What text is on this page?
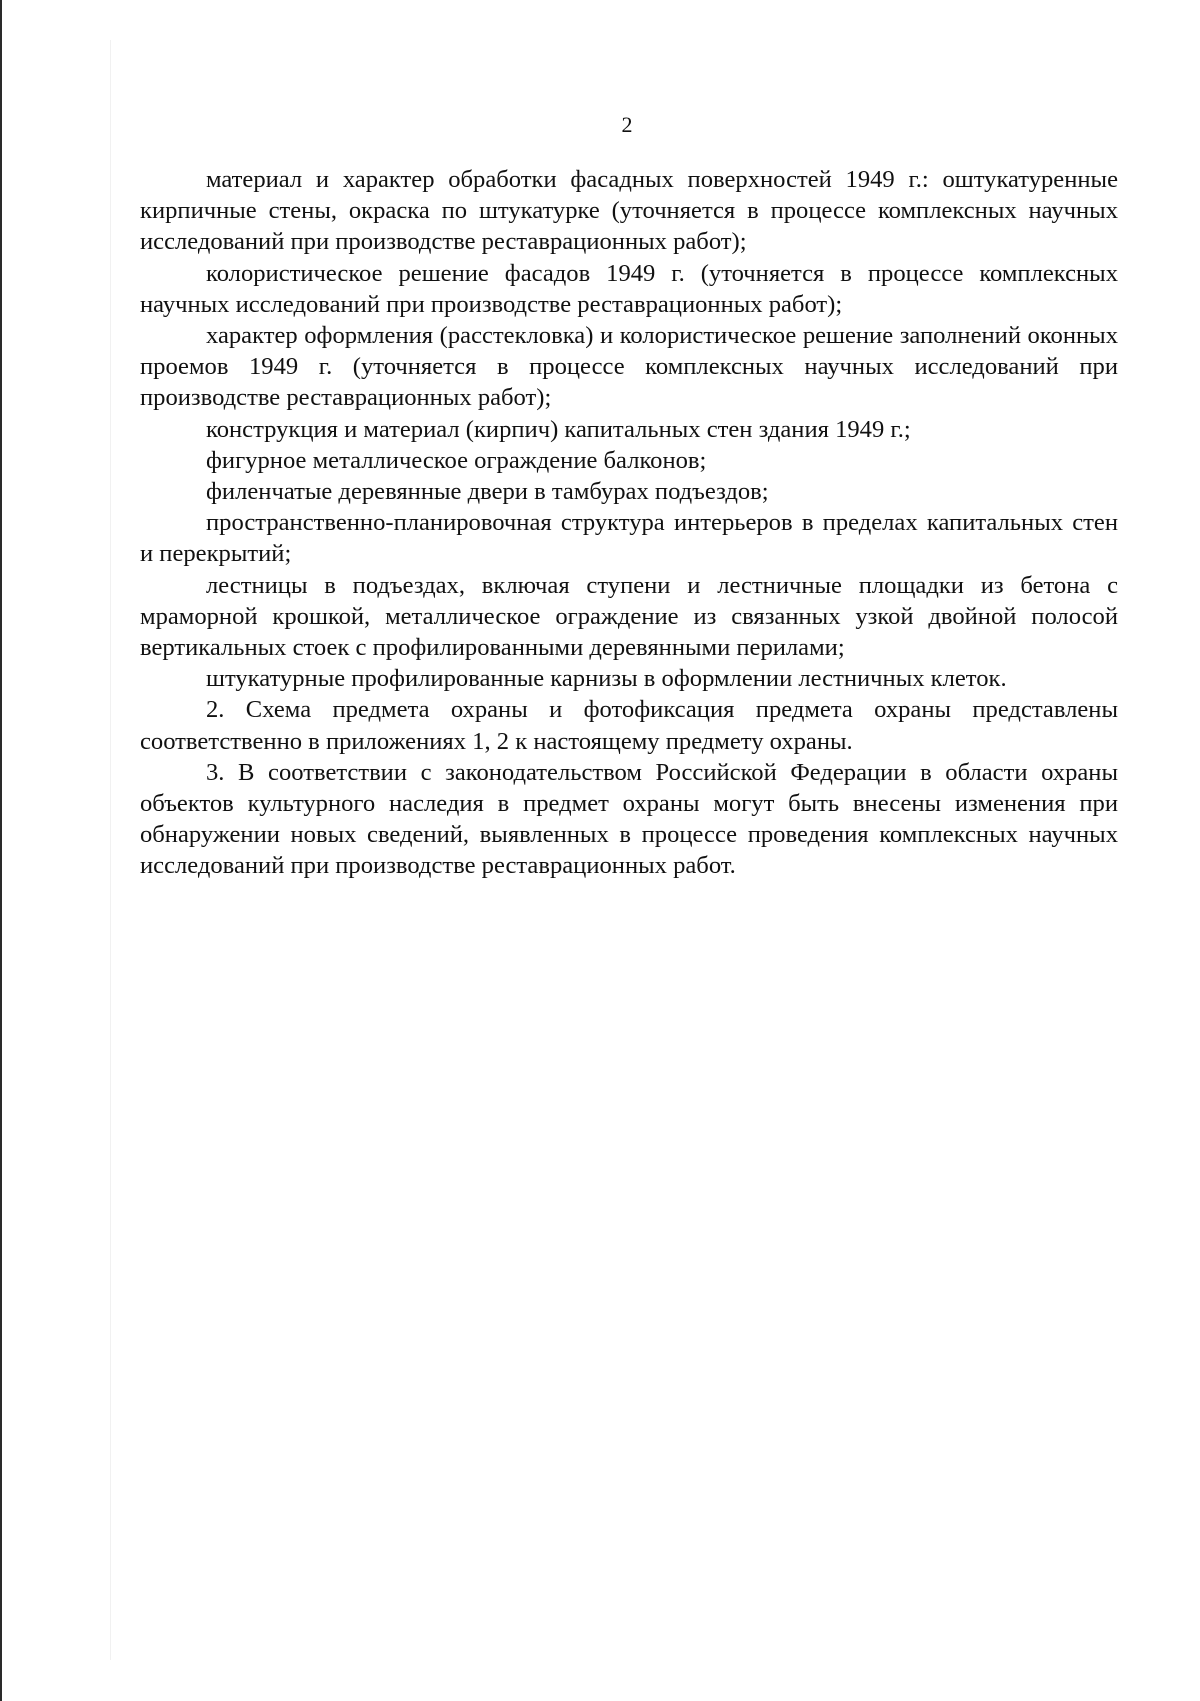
2

материал и характер обработки фасадных поверхностей 1949 г.: оштукатуренные кирпичные стены, окраска по штукатурке (уточняется в процессе комплексных научных исследований при производстве реставрационных работ);

колористическое решение фасадов 1949 г. (уточняется в процессе комплексных научных исследований при производстве реставрационных работ);

характер оформления (расстекловка) и колористическое решение заполнений оконных проемов 1949 г. (уточняется в процессе комплексных научных исследований при производстве реставрационных работ);

конструкция и материал (кирпич) капитальных стен здания 1949 г.;

фигурное металлическое ограждение балконов;

филенчатые деревянные двери в тамбурах подъездов;

пространственно-планировочная структура интерьеров в пределах капитальных стен и перекрытий;

лестницы в подъездах, включая ступени и лестничные площадки из бетона с мраморной крошкой, металлическое ограждение из связанных узкой двойной полосой вертикальных стоек с профилированными деревянными перилами;

штукатурные профилированные карнизы в оформлении лестничных клеток.

2. Схема предмета охраны и фотофиксация предмета охраны представлены соответственно в приложениях 1, 2 к настоящему предмету охраны.

3. В соответствии с законодательством Российской Федерации в области охраны объектов культурного наследия в предмет охраны могут быть внесены изменения при обнаружении новых сведений, выявленных в процессе проведения комплексных научных исследований при производстве реставрационных работ.
